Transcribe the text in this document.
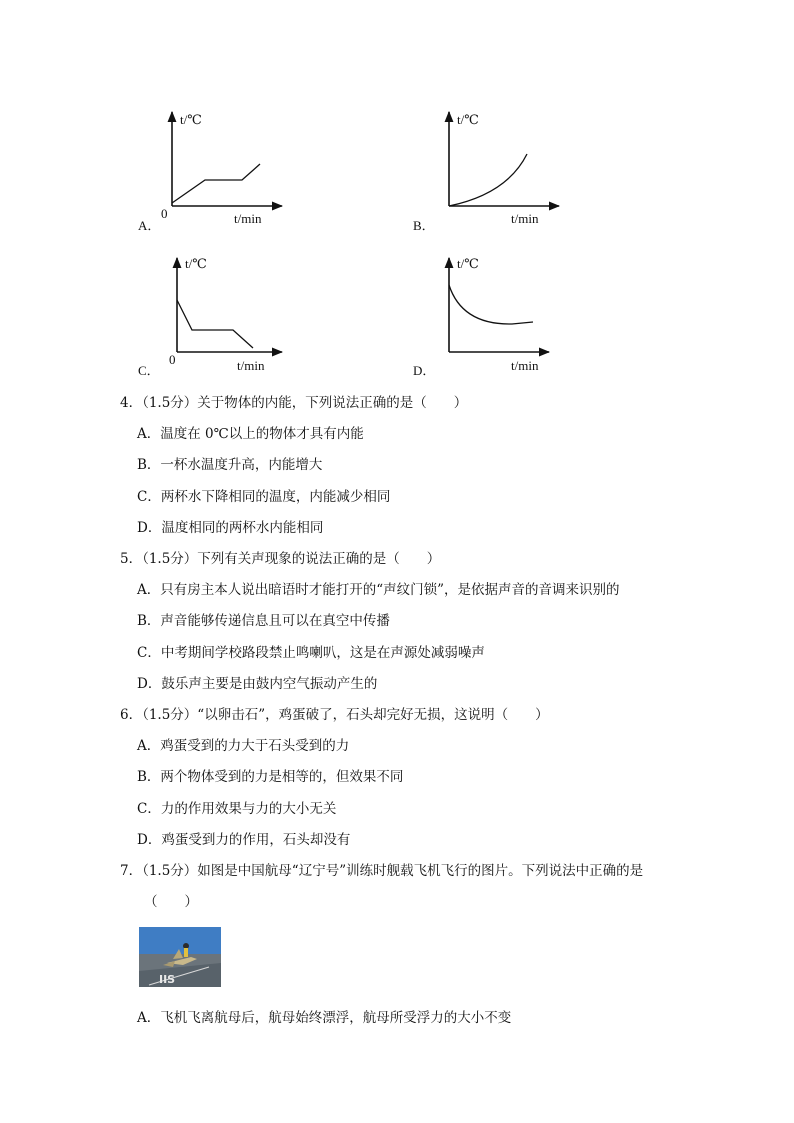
t/℃
t/min
0
A．
t/℃
t/min
B．
t/℃
t/min
0
C．
t/℃
t/min
D．
4．（1.5分）关于物体的内能，下列说法正确的是（　　）
A．温度在 0℃以上的物体才具有内能
B．一杯水温度升高，内能增大
C．两杯水下降相同的温度，内能减少相同
D．温度相同的两杯水内能相同
5．（1.5分）下列有关声现象的说法正确的是（　　）
A．只有房主本人说出暗语时才能打开的“声纹门锁”，是依据声音的音调来识别的
B．声音能够传递信息且可以在真空中传播
C．中考期间学校路段禁止鸣喇叭，这是在声源处减弱噪声
D．鼓乐声主要是由鼓内空气振动产生的
6．（1.5分）“以卵击石”，鸡蛋破了，石头却完好无损，这说明（　　）
A．鸡蛋受到的力大于石头受到的力
B．两个物体受到的力是相等的，但效果不同
C．力的作用效果与力的大小无关
D．鸡蛋受到力的作用，石头却没有
7．（1.5分）如图是中国航母“辽宁号”训练时舰载飞机飞行的图片。下列说法中正确的是
（　　）
IIS
A．飞机飞离航母后，航母始终漂浮，航母所受浮力的大小不变
